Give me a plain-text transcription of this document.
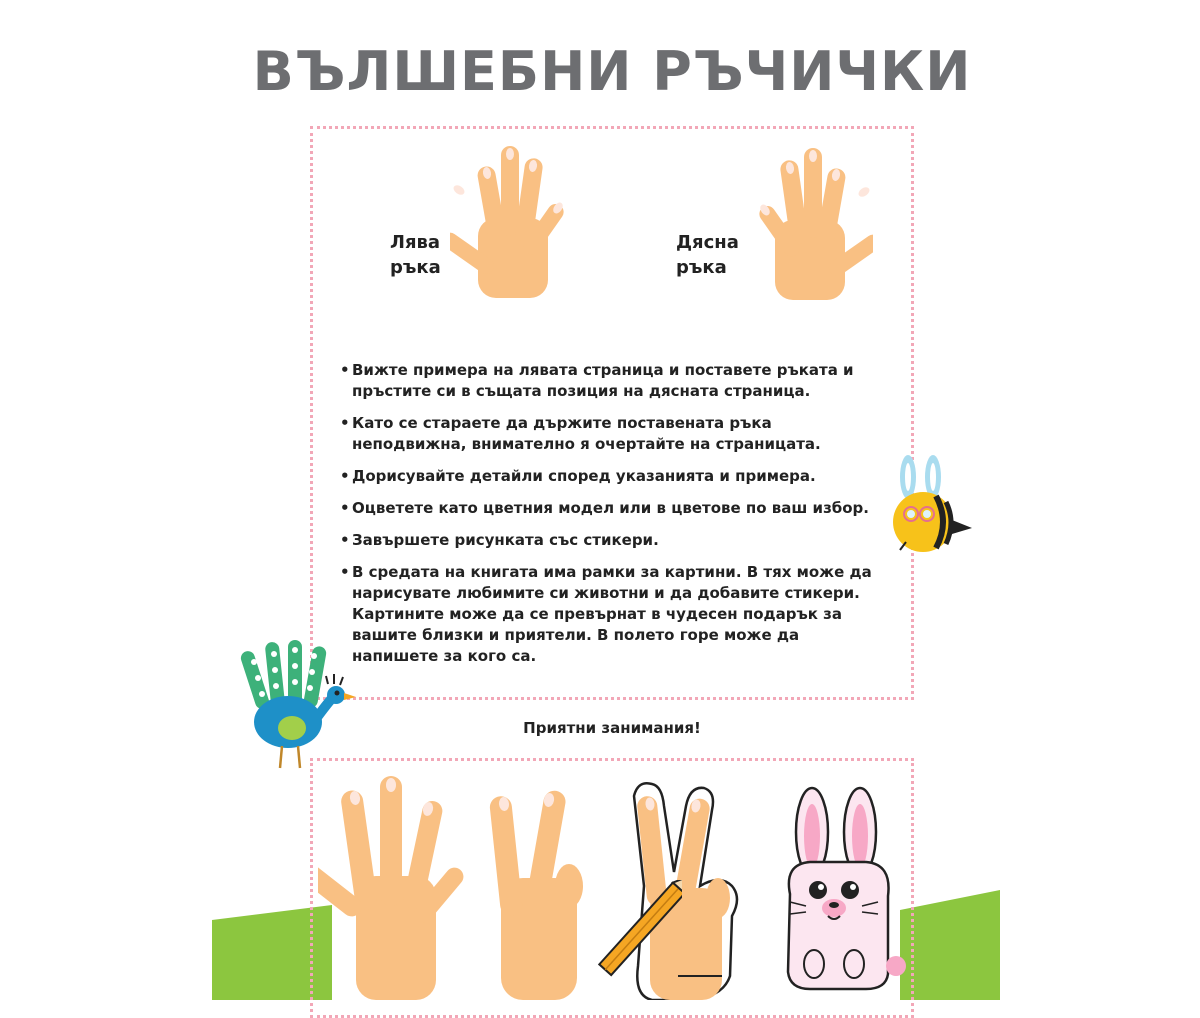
ВЪЛШЕБНИ РЪЧИЧКИ
Лява
ръка
Дясна
ръка
• Вижте примера на лявата страница и поставете ръката и пръстите си в същата позиция на дясната страница.
• Като се старaете да държите поставената ръка неподвижна, внимателно я очертайте на страницата.
• Дорисувайте детайли според указанията и примера.
• Оцветете като цветния модел или в цветове по ваш избор.
• Завършете рисунката със стикери.
• В средата на книгата има рамки за картини. В тях може да нарисувате любимите си животни и да добавите стикери. Картините може да се превърнат в чудесен подарък за вашите близки и приятели. В полето горе може да напишете за кого са.
Приятни занимания!
